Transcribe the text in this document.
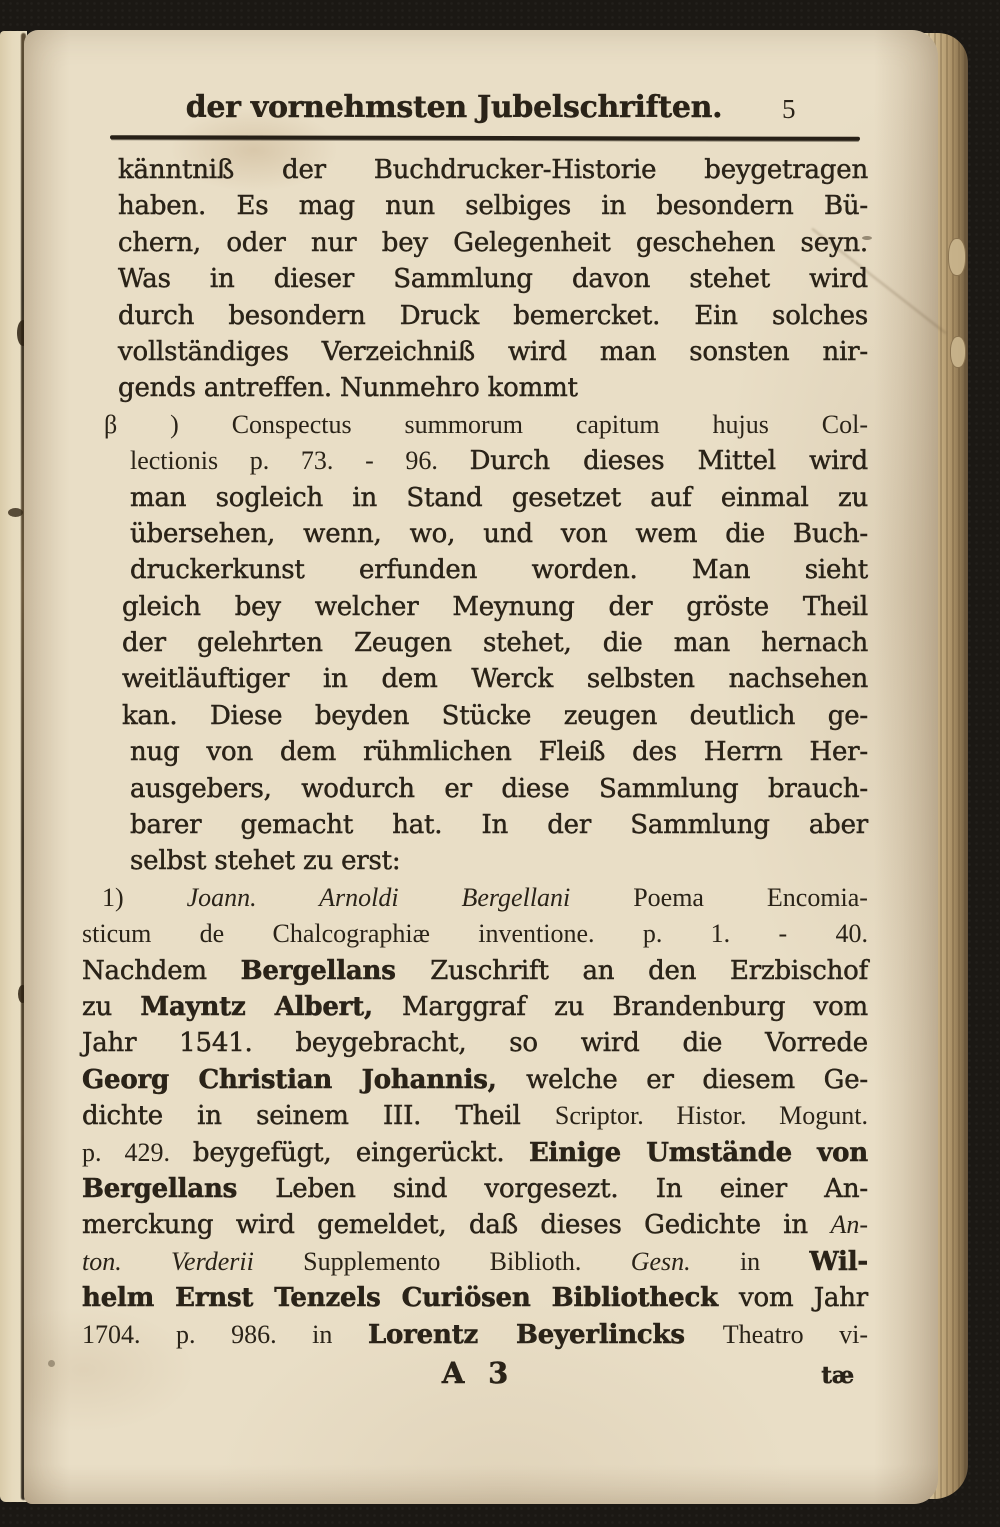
der vornehmsten Jubelschriften.	5
känntniß der Buchdrucker-Historie beygetragen
haben. Es mag nun selbiges in besondern Bü-
chern, oder nur bey Gelegenheit geschehen seyn.
Was in dieser Sammlung davon stehet wird
durch besondern Druck bemercket. Ein solches
vollständiges Verzeichniß wird man sonsten nir-
gends antreffen. Nunmehro kommt
β ) Conspectus summorum capitum hujus Col-
lectionis p. 73. - 96. Durch dieses Mittel wird
man sogleich in Stand gesetzet auf einmal zu
übersehen, wenn, wo, und von wem die Buch-
druckerkunst erfunden worden. Man sieht
gleich bey welcher Meynung der gröste Theil
der gelehrten Zeugen stehet, die man hernach
weitläuftiger in dem Werck selbsten nachsehen
kan. Diese beyden Stücke zeugen deutlich ge-
nug von dem rühmlichen Fleiß des Herrn Her-
ausgebers, wodurch er diese Sammlung brauch-
barer gemacht hat. In der Sammlung aber
selbst stehet zu erst:
1) Joann. Arnoldi Bergellani Poema Encomia-
sticum de Chalcographiæ inventione. p. 1. - 40.
Nachdem Bergellans Zuschrift an den Erzbischof
zu Mayntz Albert, Marggraf zu Brandenburg vom
Jahr 1541. beygebracht, so wird die Vorrede
Georg Christian Johannis, welche er diesem Ge-
dichte in seinem III. Theil Scriptor. Histor. Mogunt.
p. 429. beygefügt, eingerückt. Einige Umstände von
Bergellans Leben sind vorgesezt. In einer An-
merckung wird gemeldet, daß dieses Gedichte in An-
ton. Verderii Supplemento Biblioth. Gesn. in Wil-
helm Ernst Tenzels Curiösen Bibliotheck vom Jahr
1704. p. 986. in Lorentz Beyerlincks Theatro vi-
A 3	tæ
